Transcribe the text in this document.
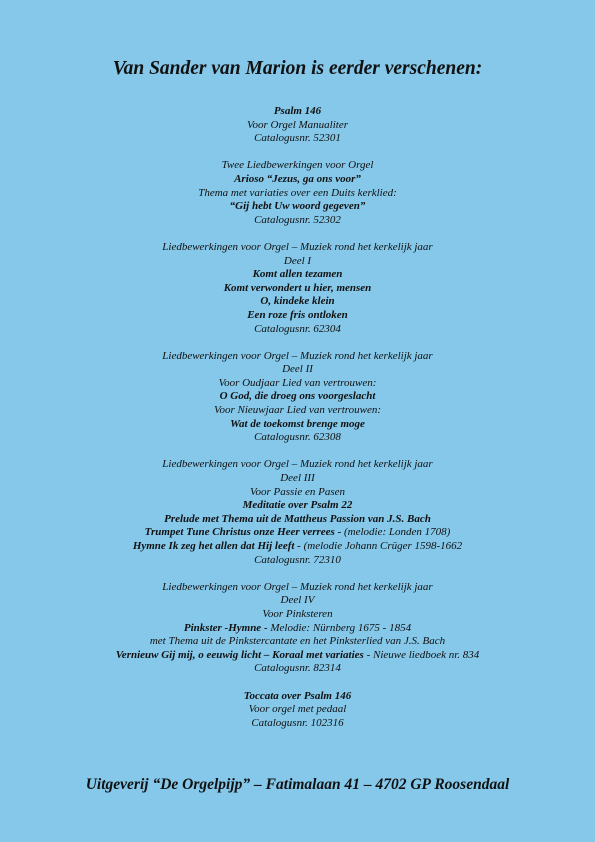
Van Sander van Marion is eerder verschenen:
Psalm 146
Voor Orgel Manualiter
Catalogusnr. 52301
Twee Liedbewerkingen voor Orgel
Arioso “Jezus, ga ons voor”
Thema met variaties over een Duits kerklied:
“Gij hebt Uw woord gegeven”
Catalogusnr. 52302
Liedbewerkingen voor Orgel – Muziek rond het kerkelijk jaar
Deel I
Komt allen tezamen
Komt verwondert u hier, mensen
O, kindeke klein
Een roze fris ontloken
Catalogusnr. 62304
Liedbewerkingen voor Orgel – Muziek rond het kerkelijk jaar
Deel II
Voor Oudjaar Lied van vertrouwen:
O God, die droeg ons voorgeslacht
Voor Nieuwjaar Lied van vertrouwen:
Wat de toekomst brenge moge
Catalogusnr. 62308
Liedbewerkingen voor Orgel – Muziek rond het kerkelijk jaar
Deel III
Voor Passie en Pasen
Meditatie over Psalm 22
Prelude met Thema uit de Mattheus Passion van J.S. Bach
Trumpet Tune Christus onze Heer verrees - (melodie: Londen 1708)
Hymne Ik zeg het allen dat Hij leeft - (melodie Johann Crüger 1598-1662
Catalogusnr. 72310
Liedbewerkingen voor Orgel – Muziek rond het kerkelijk jaar
Deel IV
Voor Pinksteren
Pinkster -Hymne - Melodie: Nürnberg 1675 - 1854
met Thema uit de Pinkstercantate en het Pinksterlied van J.S. Bach
Vernieuw Gij mij, o eeuwig licht – Koraal met variaties - Nieuwe liedboek nr. 834
Catalogusnr. 82314
Toccata over Psalm 146
Voor orgel met pedaal
Catalogusnr. 102316
Uitgeverij “De Orgelpijp” – Fatimalaan 41 – 4702 GP Roosendaal
